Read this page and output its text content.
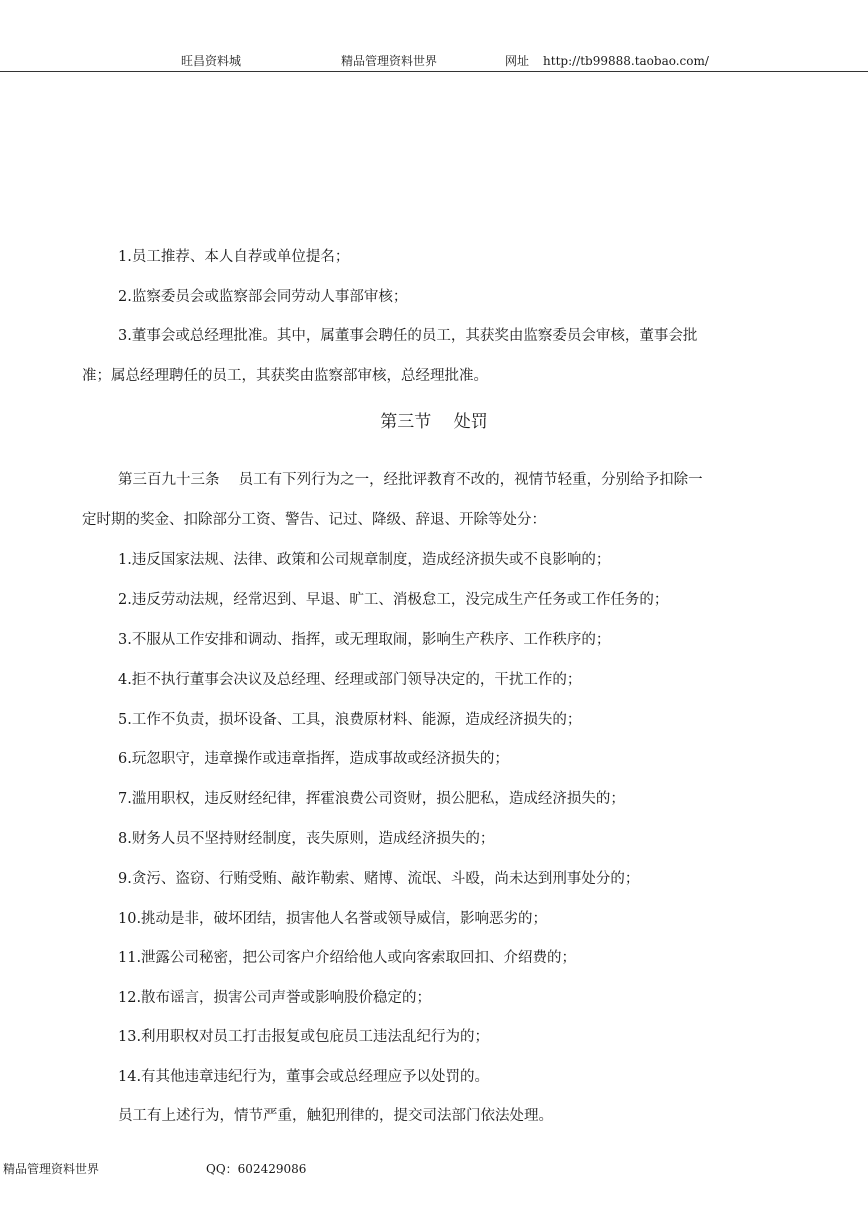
旺昌资料城	精品管理资料世界	网址 http://tb99888.taobao.com/
1.员工推荐、本人自荐或单位提名；
2.监察委员会或监察部会同劳动人事部审核；
3.董事会或总经理批准。其中，属董事会聘任的员工，其获奖由监察委员会审核，董事会批
准；属总经理聘任的员工，其获奖由监察部审核，总经理批准。
第三节　 处罚
第三百九十三条　 员工有下列行为之一，经批评教育不改的，视情节轻重，分别给予扣除一
定时期的奖金、扣除部分工资、警告、记过、降级、辞退、开除等处分：
1.违反国家法规、法律、政策和公司规章制度，造成经济损失或不良影响的；
2.违反劳动法规，经常迟到、早退、旷工、消极怠工，没完成生产任务或工作任务的；
3.不服从工作安排和调动、指挥，或无理取闹，影响生产秩序、工作秩序的；
4.拒不执行董事会决议及总经理、经理或部门领导决定的，干扰工作的；
5.工作不负责，损坏设备、工具，浪费原材料、能源，造成经济损失的；
6.玩忽职守，违章操作或违章指挥，造成事故或经济损失的；
7.滥用职权，违反财经纪律，挥霍浪费公司资财，损公肥私，造成经济损失的；
8.财务人员不坚持财经制度，丧失原则，造成经济损失的；
9.贪污、盗窃、行贿受贿、敲诈勒索、赌博、流氓、斗殴，尚未达到刑事处分的；
10.挑动是非，破坏团结，损害他人名誉或领导威信，影响恶劣的；
11.泄露公司秘密，把公司客户介绍给他人或向客索取回扣、介绍费的；
12.散布谣言，损害公司声誉或影响股价稳定的；
13.利用职权对员工打击报复或包庇员工违法乱纪行为的；
14.有其他违章违纪行为，董事会或总经理应予以处罚的。
员工有上述行为，情节严重，触犯刑律的，提交司法部门依法处理。
精品管理资料世界	QQ：602429086
